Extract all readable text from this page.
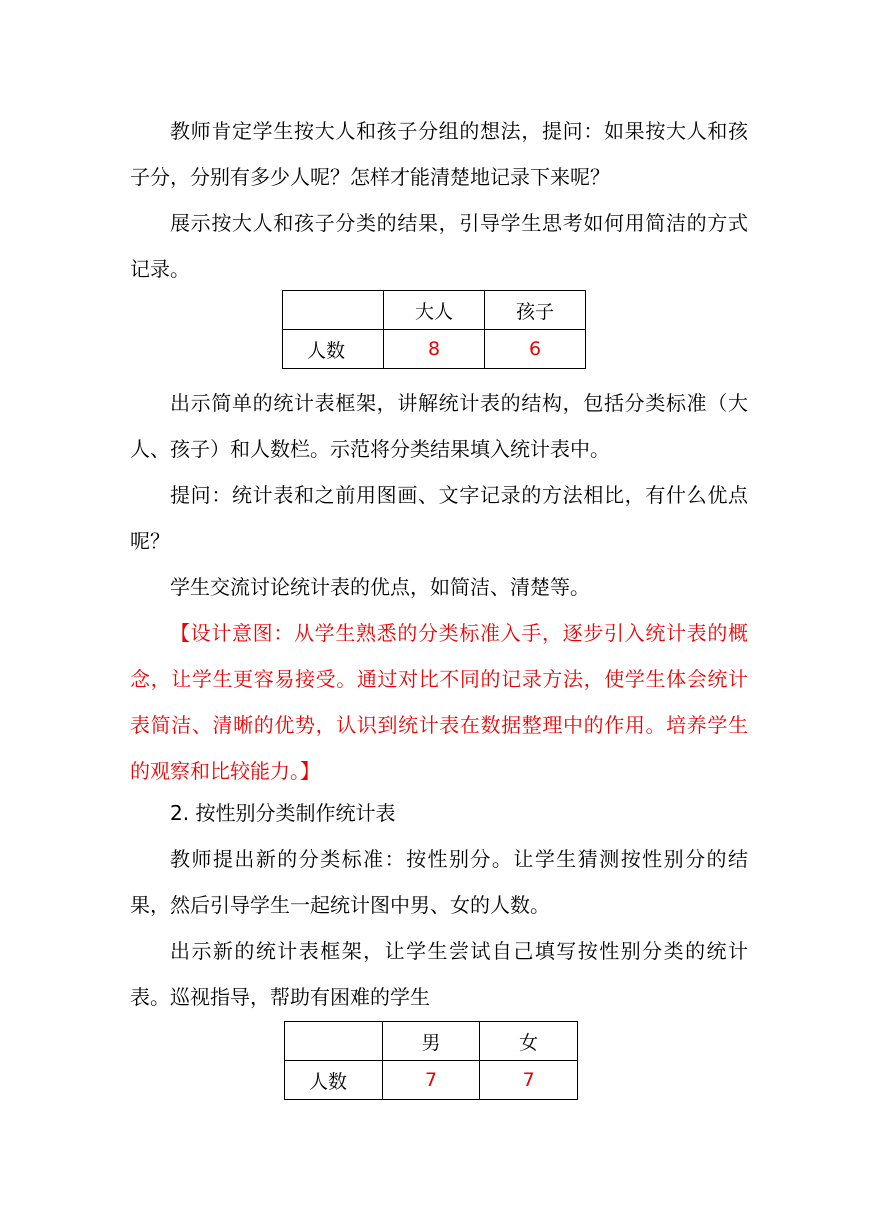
教师肯定学生按大人和孩子分组的想法，提问：如果按大人和孩子分，分别有多少人呢？怎样才能清楚地记录下来呢？

展示按大人和孩子分类的结果，引导学生思考如何用简洁的方式记录。

	大人	孩子
人数	8	6

出示简单的统计表框架，讲解统计表的结构，包括分类标准（大人、孩子）和人数栏。示范将分类结果填入统计表中。

提问：统计表和之前用图画、文字记录的方法相比，有什么优点呢？

学生交流讨论统计表的优点，如简洁、清楚等。

【设计意图：从学生熟悉的分类标准入手，逐步引入统计表的概念，让学生更容易接受。通过对比不同的记录方法，使学生体会统计表简洁、清晰的优势，认识到统计表在数据整理中的作用。培养学生的观察和比较能力。】

2. 按性别分类制作统计表

教师提出新的分类标准：按性别分。让学生猜测按性别分的结果，然后引导学生一起统计图中男、女的人数。

出示新的统计表框架，让学生尝试自己填写按性别分类的统计表。巡视指导，帮助有困难的学生

	男	女
人数	7	7
